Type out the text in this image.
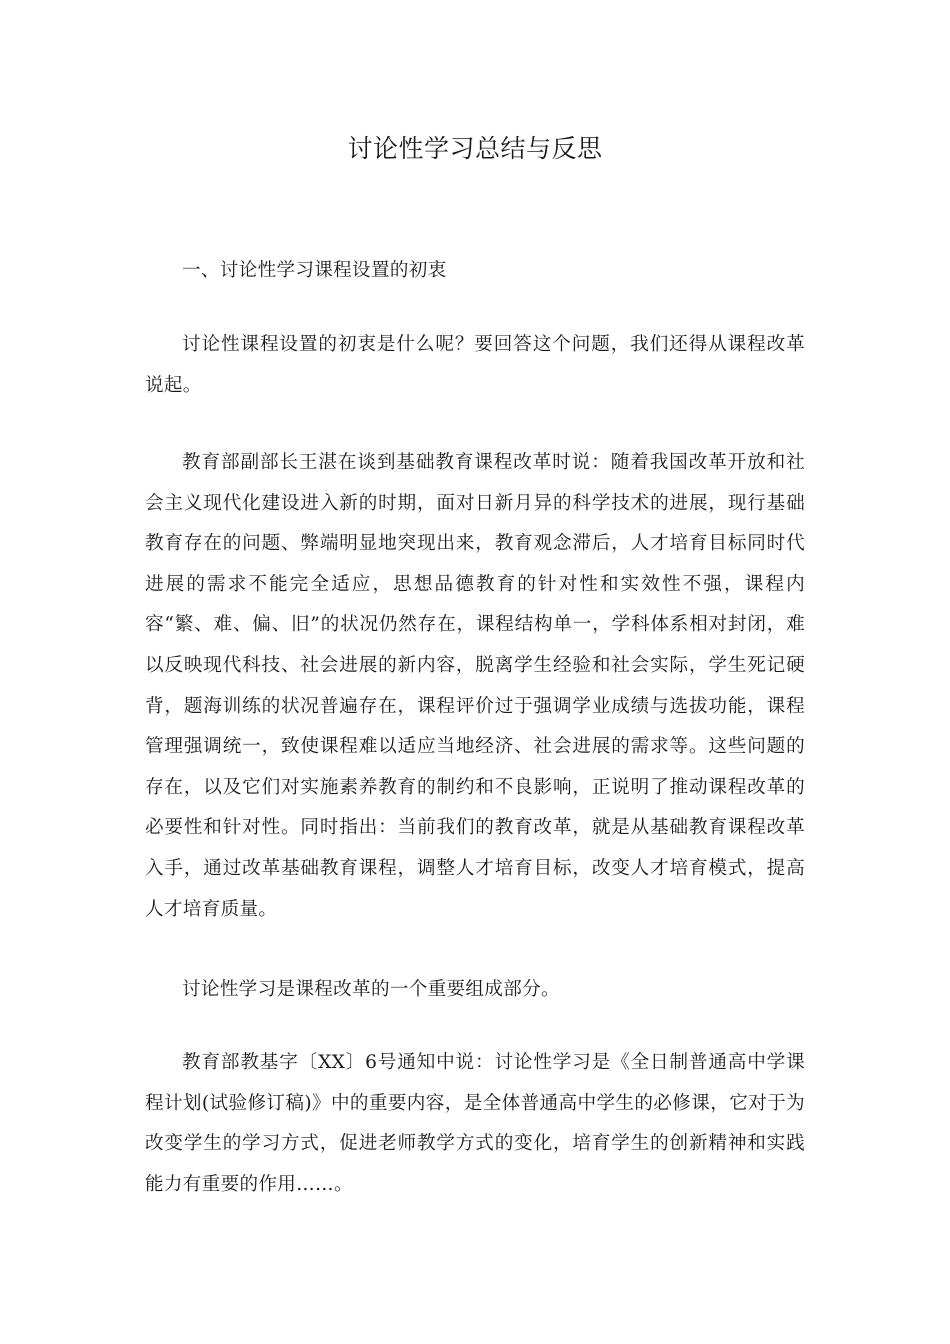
讨论性学习总结与反思

一、讨论性学习课程设置的初衷

讨论性课程设置的初衷是什么呢？要回答这个问题，我们还得从课程改革说起。

教育部副部长王湛在谈到基础教育课程改革时说：随着我国改革开放和社会主义现代化建设进入新的时期，面对日新月异的科学技术的进展，现行基础教育存在的问题、弊端明显地突现出来，教育观念滞后，人才培育目标同时代进展的需求不能完全适应，思想品德教育的针对性和实效性不强，课程内容“繁、难、偏、旧”的状况仍然存在，课程结构单一，学科体系相对封闭，难以反映现代科技、社会进展的新内容，脱离学生经验和社会实际，学生死记硬背，题海训练的状况普遍存在，课程评价过于强调学业成绩与选拔功能，课程管理强调统一，致使课程难以适应当地经济、社会进展的需求等。这些问题的存在，以及它们对实施素养教育的制约和不良影响，正说明了推动课程改革的必要性和针对性。同时指出：当前我们的教育改革，就是从基础教育课程改革入手，通过改革基础教育课程，调整人才培育目标，改变人才培育模式，提高人才培育质量。

讨论性学习是课程改革的一个重要组成部分。

教育部教基字〔XX〕6号通知中说：讨论性学习是《全日制普通高中学课程计划(试验修订稿)》中的重要内容，是全体普通高中学生的必修课，它对于为改变学生的学习方式，促进老师教学方式的变化，培育学生的创新精神和实践能力有重要的作用……。
